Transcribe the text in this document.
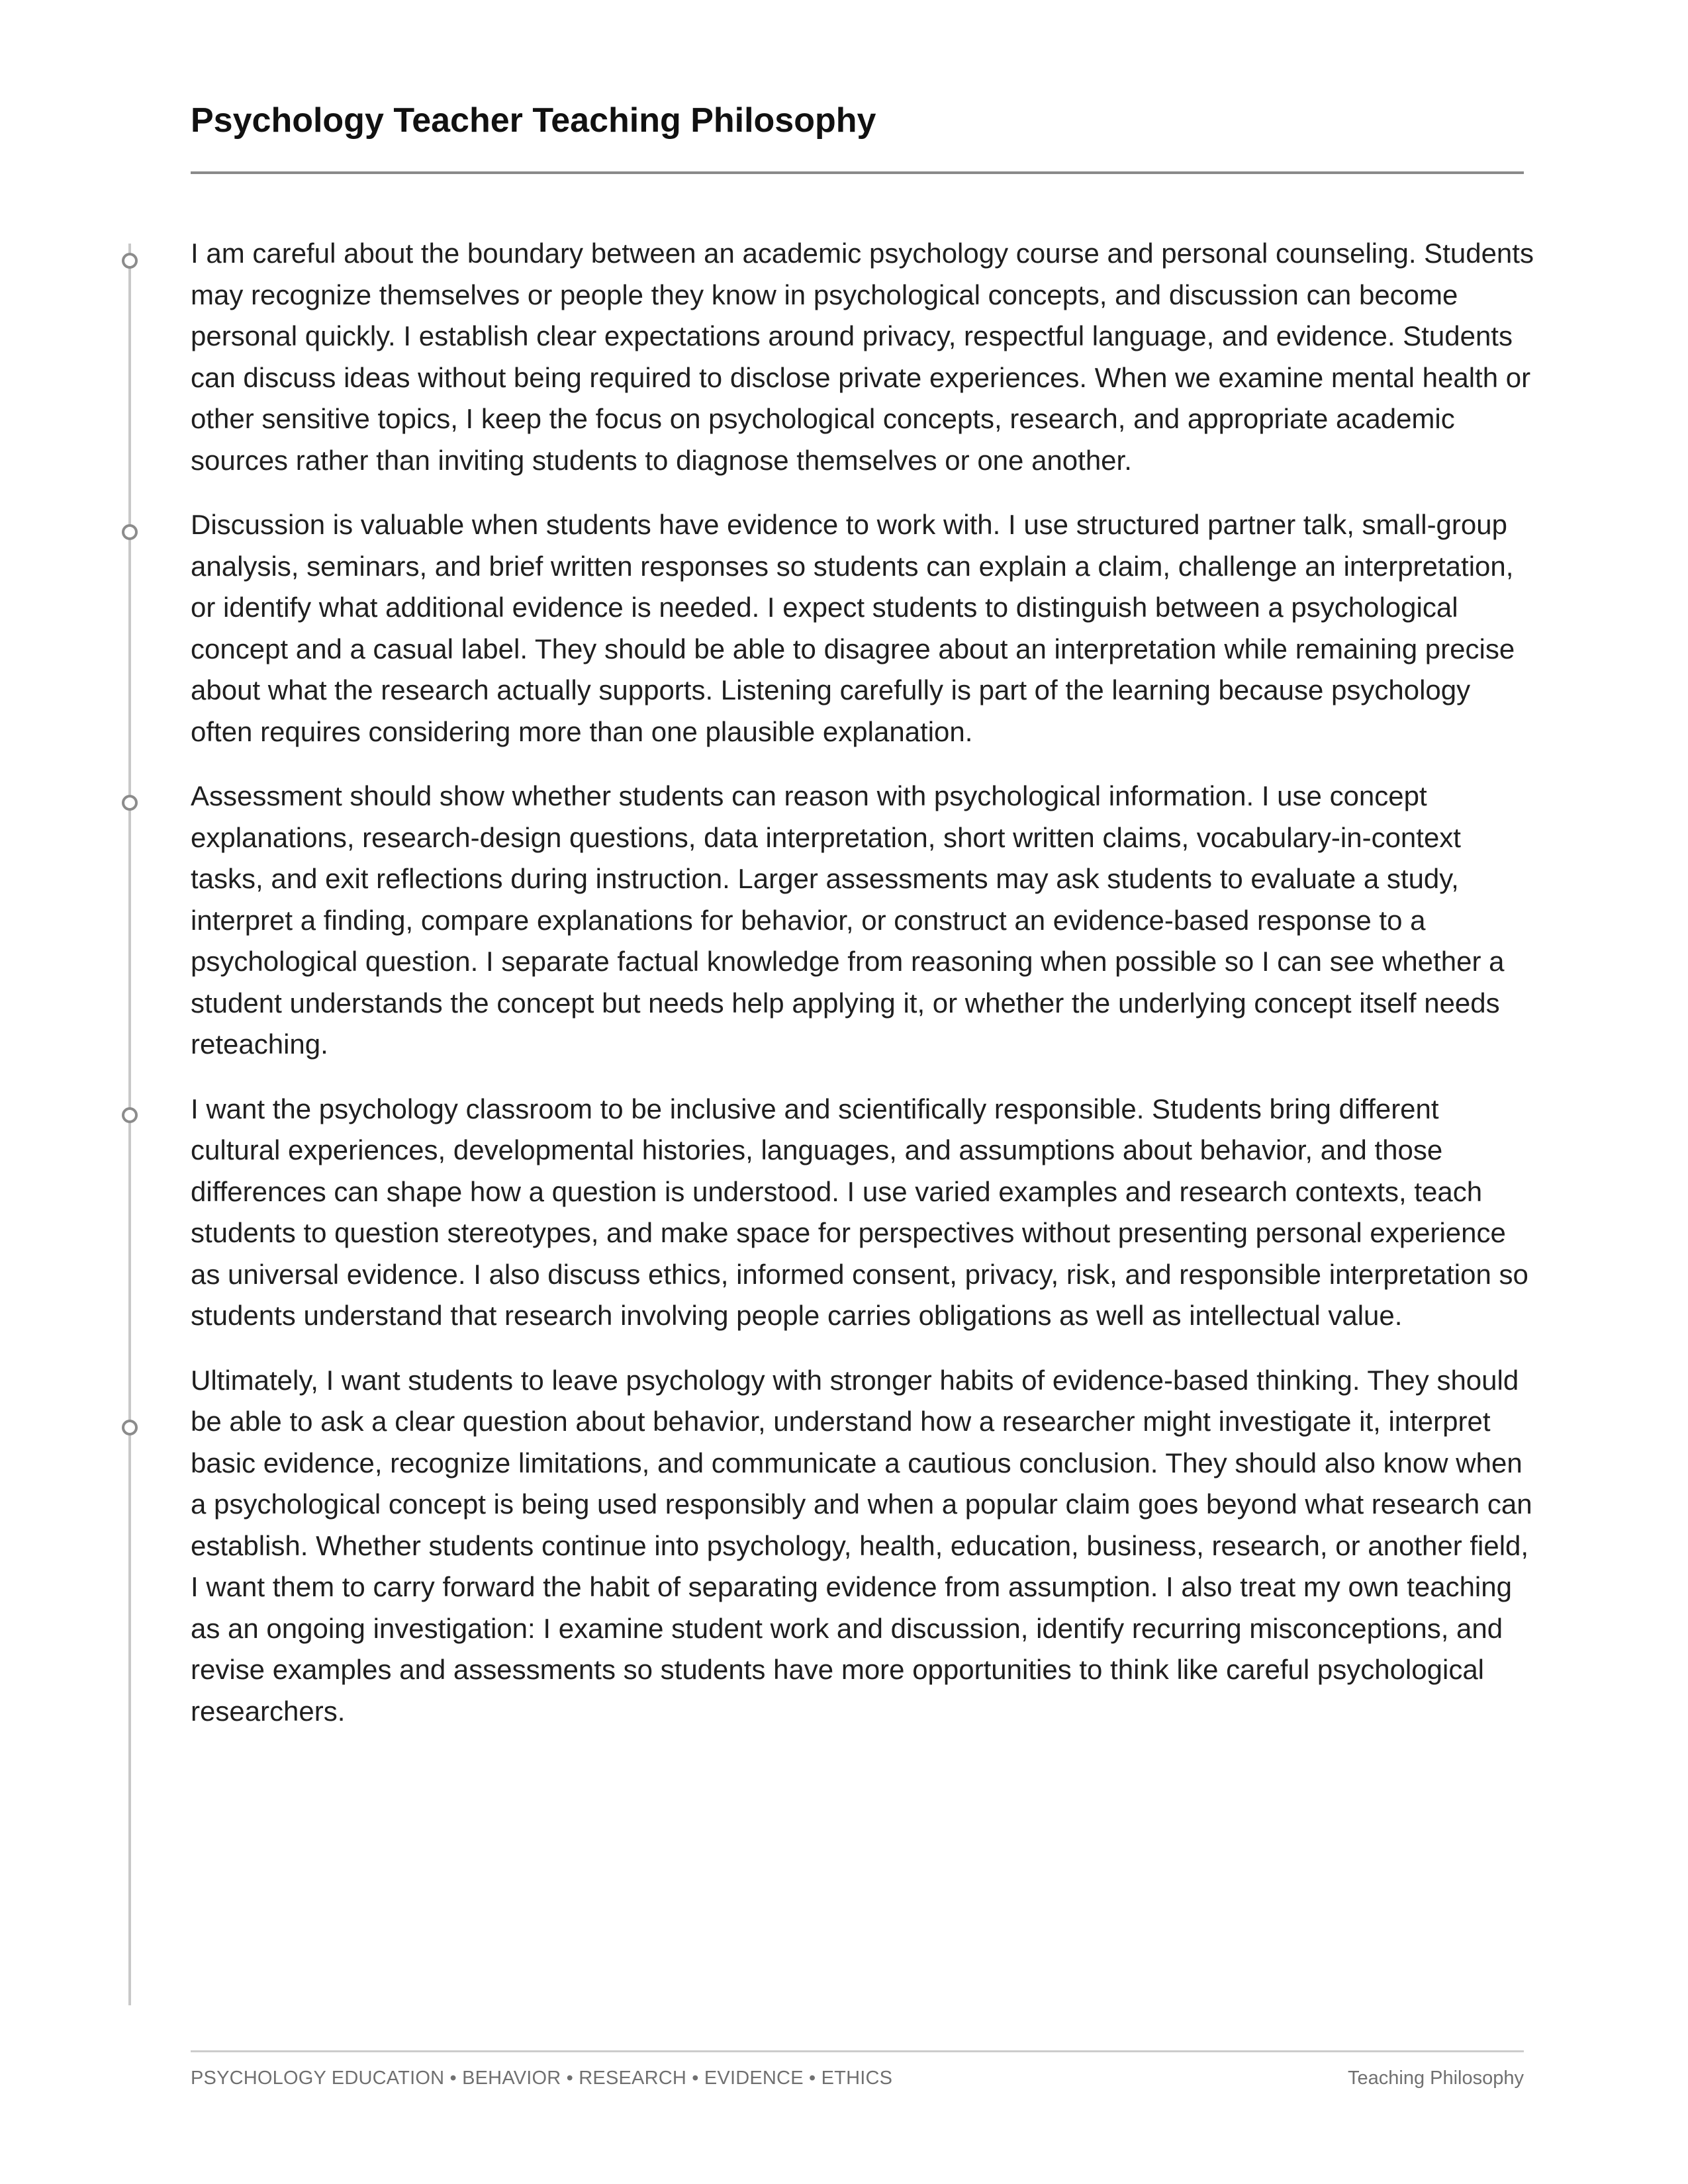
Psychology Teacher Teaching Philosophy

I am careful about the boundary between an academic psychology course and personal counseling. Students may recognize themselves or people they know in psychological concepts, and discussion can become personal quickly. I establish clear expectations around privacy, respectful language, and evidence. Students can discuss ideas without being required to disclose private experiences. When we examine mental health or other sensitive topics, I keep the focus on psychological concepts, research, and appropriate academic sources rather than inviting students to diagnose themselves or one another.

Discussion is valuable when students have evidence to work with. I use structured partner talk, small-group analysis, seminars, and brief written responses so students can explain a claim, challenge an interpretation, or identify what additional evidence is needed. I expect students to distinguish between a psychological concept and a casual label. They should be able to disagree about an interpretation while remaining precise about what the research actually supports. Listening carefully is part of the learning because psychology often requires considering more than one plausible explanation.

Assessment should show whether students can reason with psychological information. I use concept explanations, research-design questions, data interpretation, short written claims, vocabulary-in-context tasks, and exit reflections during instruction. Larger assessments may ask students to evaluate a study, interpret a finding, compare explanations for behavior, or construct an evidence-based response to a psychological question. I separate factual knowledge from reasoning when possible so I can see whether a student understands the concept but needs help applying it, or whether the underlying concept itself needs reteaching.

I want the psychology classroom to be inclusive and scientifically responsible. Students bring different cultural experiences, developmental histories, languages, and assumptions about behavior, and those differences can shape how a question is understood. I use varied examples and research contexts, teach students to question stereotypes, and make space for perspectives without presenting personal experience as universal evidence. I also discuss ethics, informed consent, privacy, risk, and responsible interpretation so students understand that research involving people carries obligations as well as intellectual value.

Ultimately, I want students to leave psychology with stronger habits of evidence-based thinking. They should be able to ask a clear question about behavior, understand how a researcher might investigate it, interpret basic evidence, recognize limitations, and communicate a cautious conclusion. They should also know when a psychological concept is being used responsibly and when a popular claim goes beyond what research can establish. Whether students continue into psychology, health, education, business, research, or another field, I want them to carry forward the habit of separating evidence from assumption. I also treat my own teaching as an ongoing investigation: I examine student work and discussion, identify recurring misconceptions, and revise examples and assessments so students have more opportunities to think like careful psychological researchers.

PSYCHOLOGY EDUCATION • BEHAVIOR • RESEARCH • EVIDENCE • ETHICS	Teaching Philosophy
